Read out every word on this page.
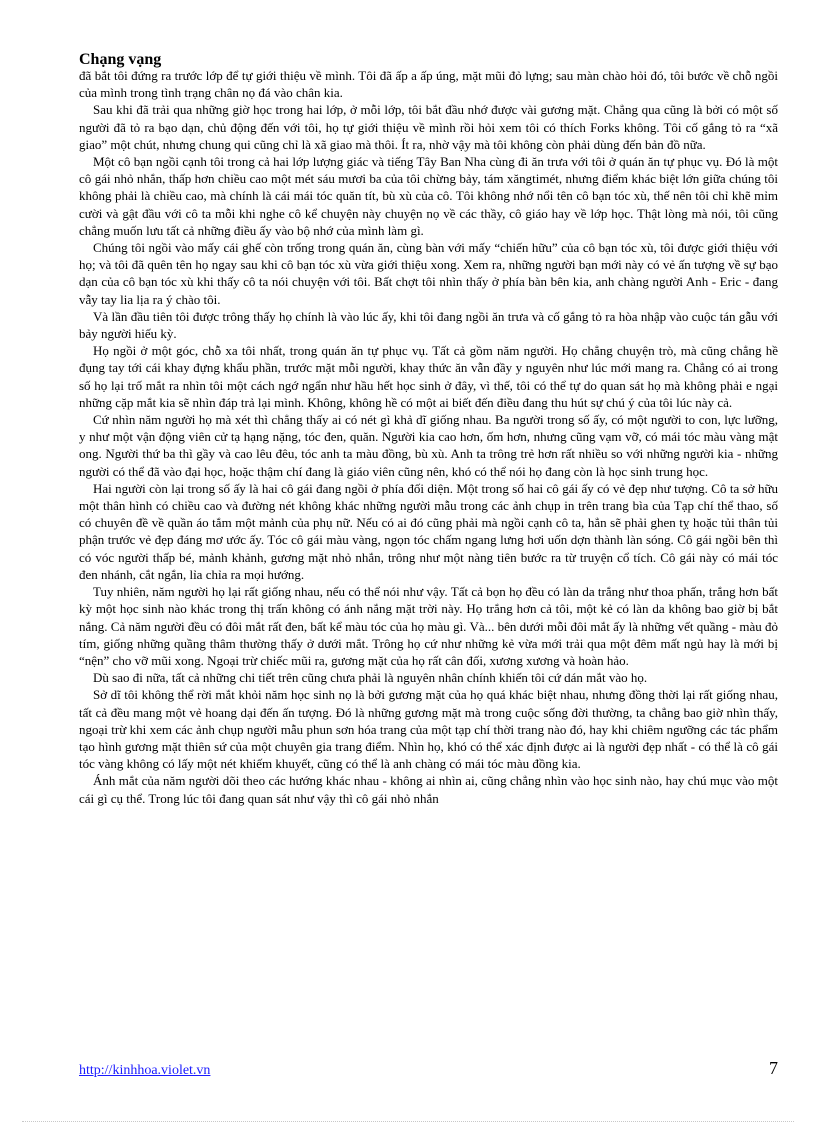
Chạng vạng

đã bắt tôi đứng ra trước lớp để tự giới thiệu về mình. Tôi đã ấp a ấp úng, mặt mũi đỏ lựng; sau màn chào hỏi đó, tôi bước về chỗ ngồi của mình trong tình trạng chân nọ đá vào chân kia.

Sau khi đã trải qua những giờ học trong hai lớp, ở mỗi lớp, tôi bắt đầu nhớ được vài gương mặt. Chẳng qua cũng là bởi có một số người đã tỏ ra bạo dạn, chủ động đến với tôi, họ tự giới thiệu về mình rồi hỏi xem tôi có thích Forks không. Tôi cố gắng tỏ ra “xã giao” một chút, nhưng chung qui cũng chỉ là xã giao mà thôi. Ít ra, nhờ vậy mà tôi không còn phải dùng đến bản đồ nữa.

Một cô bạn ngồi cạnh tôi trong cả hai lớp lượng giác và tiếng Tây Ban Nha cùng đi ăn trưa với tôi ở quán ăn tự phục vụ. Đó là một cô gái nhỏ nhắn, thấp hơn chiều cao một mét sáu mươi ba của tôi chừng bảy, tám xăngtimét, nhưng điểm khác biệt lớn giữa chúng tôi không phải là chiều cao, mà chính là cái mái tóc quăn tít, bù xù của cô. Tôi không nhớ nổi tên cô bạn tóc xù, thế nên tôi chỉ khẽ mỉm cười và gật đầu với cô ta mỗi khi nghe cô kể chuyện này chuyện nọ về các thầy, cô giáo hay về lớp học. Thật lòng mà nói, tôi cũng chẳng muốn lưu tất cả những điều ấy vào bộ nhớ của mình làm gì.

Chúng tôi ngồi vào mấy cái ghế còn trống trong quán ăn, cùng bàn với mấy “chiến hữu” của cô bạn tóc xù, tôi được giới thiệu với họ; và tôi đã quên tên họ ngay sau khi cô bạn tóc xù vừa giới thiệu xong. Xem ra, những người bạn mới này có vẻ ấn tượng về sự bạo dạn của cô bạn tóc xù khi thấy cô ta nói chuyện với tôi. Bất chợt tôi nhìn thấy ở phía bàn bên kia, anh chàng người Anh - Eric - đang vẫy tay lia lịa ra ý chào tôi.

Và lần đầu tiên tôi được trông thấy họ chính là vào lúc ấy, khi tôi đang ngồi ăn trưa và cố gắng tỏ ra hòa nhập vào cuộc tán gẫu với bảy người hiếu kỳ.

Họ ngồi ở một góc, chỗ xa tôi nhất, trong quán ăn tự phục vụ. Tất cả gồm năm người. Họ chẳng chuyện trò, mà cũng chẳng hề đụng tay tới cái khay đựng khẩu phần, trước mặt mỗi người, khay thức ăn vẫn đầy y nguyên như lúc mới mang ra. Chẳng có ai trong số họ lại trố mắt ra nhìn tôi một cách ngớ ngẩn như hầu hết học sinh ở đây, vì thế, tôi có thể tự do quan sát họ mà không phải e ngại những cặp mắt kia sẽ nhìn đáp trả lại mình. Không, không hề có một ai biết đến điều đang thu hút sự chú ý của tôi lúc này cả.

Cứ nhìn năm người họ mà xét thì chẳng thấy ai có nét gì khả dĩ giống nhau. Ba người trong số ấy, có một người to con, lực lưỡng, y như một vận động viên cử tạ hạng nặng, tóc đen, quăn. Người kia cao hơn, ốm hơn, nhưng cũng vạm vỡ, có mái tóc màu vàng mật ong. Người thứ ba thì gầy và cao lêu đêu, tóc anh ta màu đồng, bù xù. Anh ta trông trẻ hơn rất nhiều so với những người kia - những người có thể đã vào đại học, hoặc thậm chí đang là giáo viên cũng nên, khó có thể nói họ đang còn là học sinh trung học.

Hai người còn lại trong số ấy là hai cô gái đang ngồi ở phía đối diện. Một trong số hai cô gái ấy có vẻ đẹp như tượng. Cô ta sở hữu một thân hình có chiều cao và đường nét không khác những người mẫu trong các ảnh chụp in trên trang bìa của Tạp chí thể thao, số có chuyên đề về quần áo tắm một mảnh của phụ nữ. Nếu có ai đó cũng phải mà ngồi cạnh cô ta, hẳn sẽ phải ghen tỵ hoặc tủi thân tủi phận trước vẻ đẹp đáng mơ ước ấy. Tóc cô gái màu vàng, ngọn tóc chấm ngang lưng hơi uốn dợn thành làn sóng. Cô gái ngồi bên thì có vóc người thấp bé, mảnh khảnh, gương mặt nhỏ nhắn, trông như một nàng tiên bước ra từ truyện cổ tích. Cô gái này có mái tóc đen nhánh, cắt ngắn, lỉa chỉa ra mọi hướng.

Tuy nhiên, năm người họ lại rất giống nhau, nếu có thể nói như vậy. Tất cả bọn họ đều có làn da trắng như thoa phấn, trắng hơn bất kỳ một học sinh nào khác trong thị trấn không có ánh nắng mặt trời này. Họ trắng hơn cả tôi, một kẻ có làn da không bao giờ bị bắt nắng. Cả năm người đều có đôi mắt rất đen, bất kể màu tóc của họ màu gì. Và... bên dưới mỗi đôi mắt ấy là những vết quầng - màu đỏ tím, giống những quầng thâm thường thấy ở dưới mắt. Trông họ cứ như những kẻ vừa mới trải qua một đêm mất ngủ hay là mới bị “nện” cho vỡ mũi xong. Ngoại trừ chiếc mũi ra, gương mặt của họ rất cân đối, xương xương và hoàn hảo.

Dù sao đi nữa, tất cả những chi tiết trên cũng chưa phải là nguyên nhân chính khiến tôi cứ dán mắt vào họ.

Sở dĩ tôi không thể rời mắt khỏi năm học sinh nọ là bởi gương mặt của họ quá khác biệt nhau, nhưng đồng thời lại rất giống nhau, tất cả đều mang một vẻ hoang dại đến ấn tượng. Đó là những gương mặt mà trong cuộc sống đời thường, ta chẳng bao giờ nhìn thấy, ngoại trừ khi xem các ảnh chụp người mẫu phun sơn hóa trang của một tạp chí thời trang nào đó, hay khi chiêm ngưỡng các tác phẩm tạo hình gương mặt thiên sứ của một chuyên gia trang điểm. Nhìn họ, khó có thể xác định được ai là người đẹp nhất - có thể là cô gái tóc vàng không có lấy một nét khiếm khuyết, cũng có thể là anh chàng có mái tóc màu đồng kia.

Ánh mắt của năm người dõi theo các hướng khác nhau - không ai nhìn ai, cũng chẳng nhìn vào học sinh nào, hay chú mục vào một cái gì cụ thể. Trong lúc tôi đang quan sát như vậy thì cô gái nhỏ nhắn

http://kinhhoa.violet.vn	7
